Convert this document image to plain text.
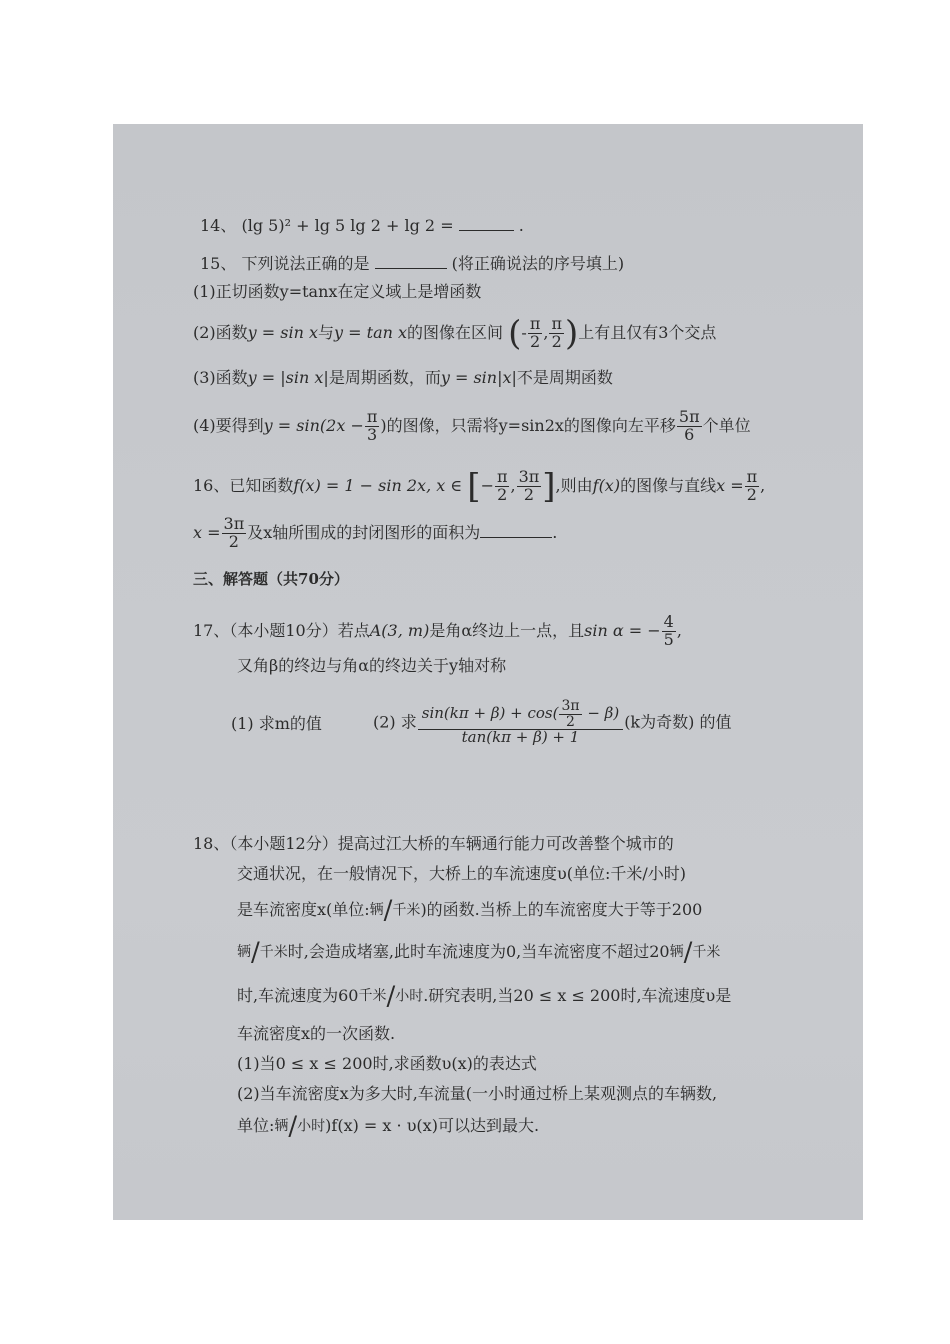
14、 (lg 5)² + lg 5 lg 2 + lg 2 =	.
15、 下列说法正确的是	(将正确说法的序号填上)
(1)正切函数y=tanx在定义域上是增函数
(2)函数y = sin x与y = tan x的图像在区间 (- $\frac{\pi}{2}$ , $\frac{\pi}{2}$ )上有且仅有3个交点
(3)函数y = |sin x|是周期函数，而y = sin|x|不是周期函数
(4)要得到$y = \sin(2x - \frac{\pi}{3}$ )的图像，只需将y=sin2x的图像向左平移 $\frac{5\pi}{6}$ 个单位
16、已知函数f(x) = 1 − sin 2x, x ∈ [− $\frac{\pi}{2}$ , $\frac{3\pi}{2}$ ],则由f(x)的图像与直线$x = \frac{\pi}{2}$ ,
$x = \frac{3\pi}{2}$ 及x轴所围成的封闭图形的面积为	.
三、解答题（共70分）
17、（本小题10分）若点A(3, m)是角α终边上一点，且sin α = − $\frac{4}{5}$ ,
又角β的终边与角α的终边关于y轴对称
(1) 求m的值	(2) 求 $\frac{\sin(k\pi + \beta) + \cos( \frac{3\pi}{2} - \beta)}{\tan(k\pi + \beta) + 1} (k$为奇数) 的值
18、（本小题12分）提高过江大桥的车辆通行能力可改善整个城市的
交通状况，在一般情况下，大桥上的车流速度υ(单位:千米/小时)
是车流密度x(单位:辆/千米)的函数.当桥上的车流密度大于等于200
辆/千米时,会造成堵塞,此时车流速度为0,当车流密度不超过20辆/千米
时,车流速度为60千米/小时.研究表明,当20 ≤ x ≤ 200时,车流速度υ是
车流密度x的一次函数.
(1)当0 ≤ x ≤ 200时,求函数υ(x)的表达式
(2)当车流密度x为多大时,车流量(一小时通过桥上某观测点的车辆数,
单位:辆/小时)f(x) = x · υ(x)可以达到最大.
